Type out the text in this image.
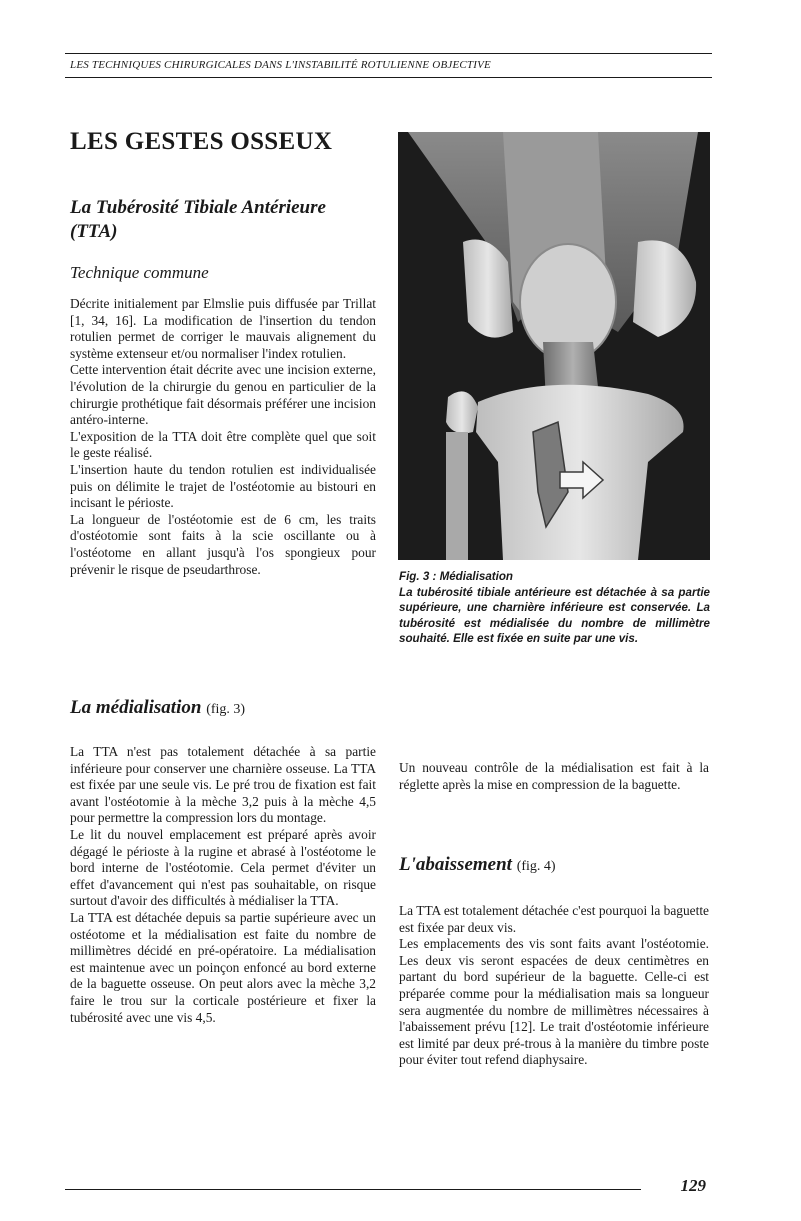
LES TECHNIQUES CHIRURGICALES DANS L'INSTABILITÉ ROTULIENNE OBJECTIVE
LES GESTES OSSEUX
La Tubérosité Tibiale Antérieure (TTA)
Technique commune

Décrite initialement par Elmslie puis diffusée par Trillat [1, 34, 16]. La modification de l'insertion du tendon rotulien permet de corriger le mauvais alignement du système extenseur et/ou normaliser l'index rotulien.

Cette intervention était décrite avec une incision externe, l'évolution de la chirurgie du genou en particulier de la chirurgie prothétique fait désormais préférer une incision antéro-interne.

L'exposition de la TTA doit être complète quel que soit le geste réalisé.

L'insertion haute du tendon rotulien est individualisée puis on délimite le trajet de l'ostéotomie au bistouri en incisant le périoste.

La longueur de l'ostéotomie est de 6 cm, les traits d'ostéotomie sont faits à la scie oscillante ou à l'ostéotome en allant jusqu'à l'os spongieux pour prévenir le risque de pseudarthrose.	Fig. 3 : Médialisation
La tubérosité tibiale antérieure est détachée à sa partie supérieure, une charnière inférieure est conservée. La tubérosité est médialisée du nombre de millimètre souhaité. Elle est fixée en suite par une vis.
La médialisation (fig. 3)

La TTA n'est pas totalement détachée à sa partie inférieure pour conserver une charnière osseuse. La TTA est fixée par une seule vis. Le pré trou de fixation est fait avant l'ostéotomie à la mèche 3,2 puis à la mèche 4,5 pour permettre la compression lors du montage.

Le lit du nouvel emplacement est préparé après avoir dégagé le périoste à la rugine et abrasé à l'ostéotome le bord interne de l'ostéotomie. Cela permet d'éviter un effet d'avancement qui n'est pas souhaitable, on risque surtout d'avoir des difficultés à médialiser la TTA.

La TTA est détachée depuis sa partie supérieure avec un ostéotome et la médialisation est faite du nombre de millimètres décidé en pré-opératoire. La médialisation est maintenue avec un poinçon enfoncé au bord externe de la baguette osseuse. On peut alors avec la mèche 3,2 faire le trou sur la corticale postérieure et fixer la tubérosité avec une vis 4,5.

Un nouveau contrôle de la médialisation est fait à la réglette après la mise en compression de la baguette.

L'abaissement (fig. 4)

La TTA est totalement détachée c'est pourquoi la baguette est fixée par deux vis.

Les emplacements des vis sont faits avant l'ostéotomie. Les deux vis seront espacées de deux centimètres en partant du bord supérieur de la baguette. Celle-ci est préparée comme pour la médialisation mais sa longueur sera augmentée du nombre de millimètres nécessaires à l'abaissement prévu [12]. Le trait d'ostéotomie inférieure est limité par deux pré-trous à la manière du timbre poste pour éviter tout refend diaphysaire.

129
